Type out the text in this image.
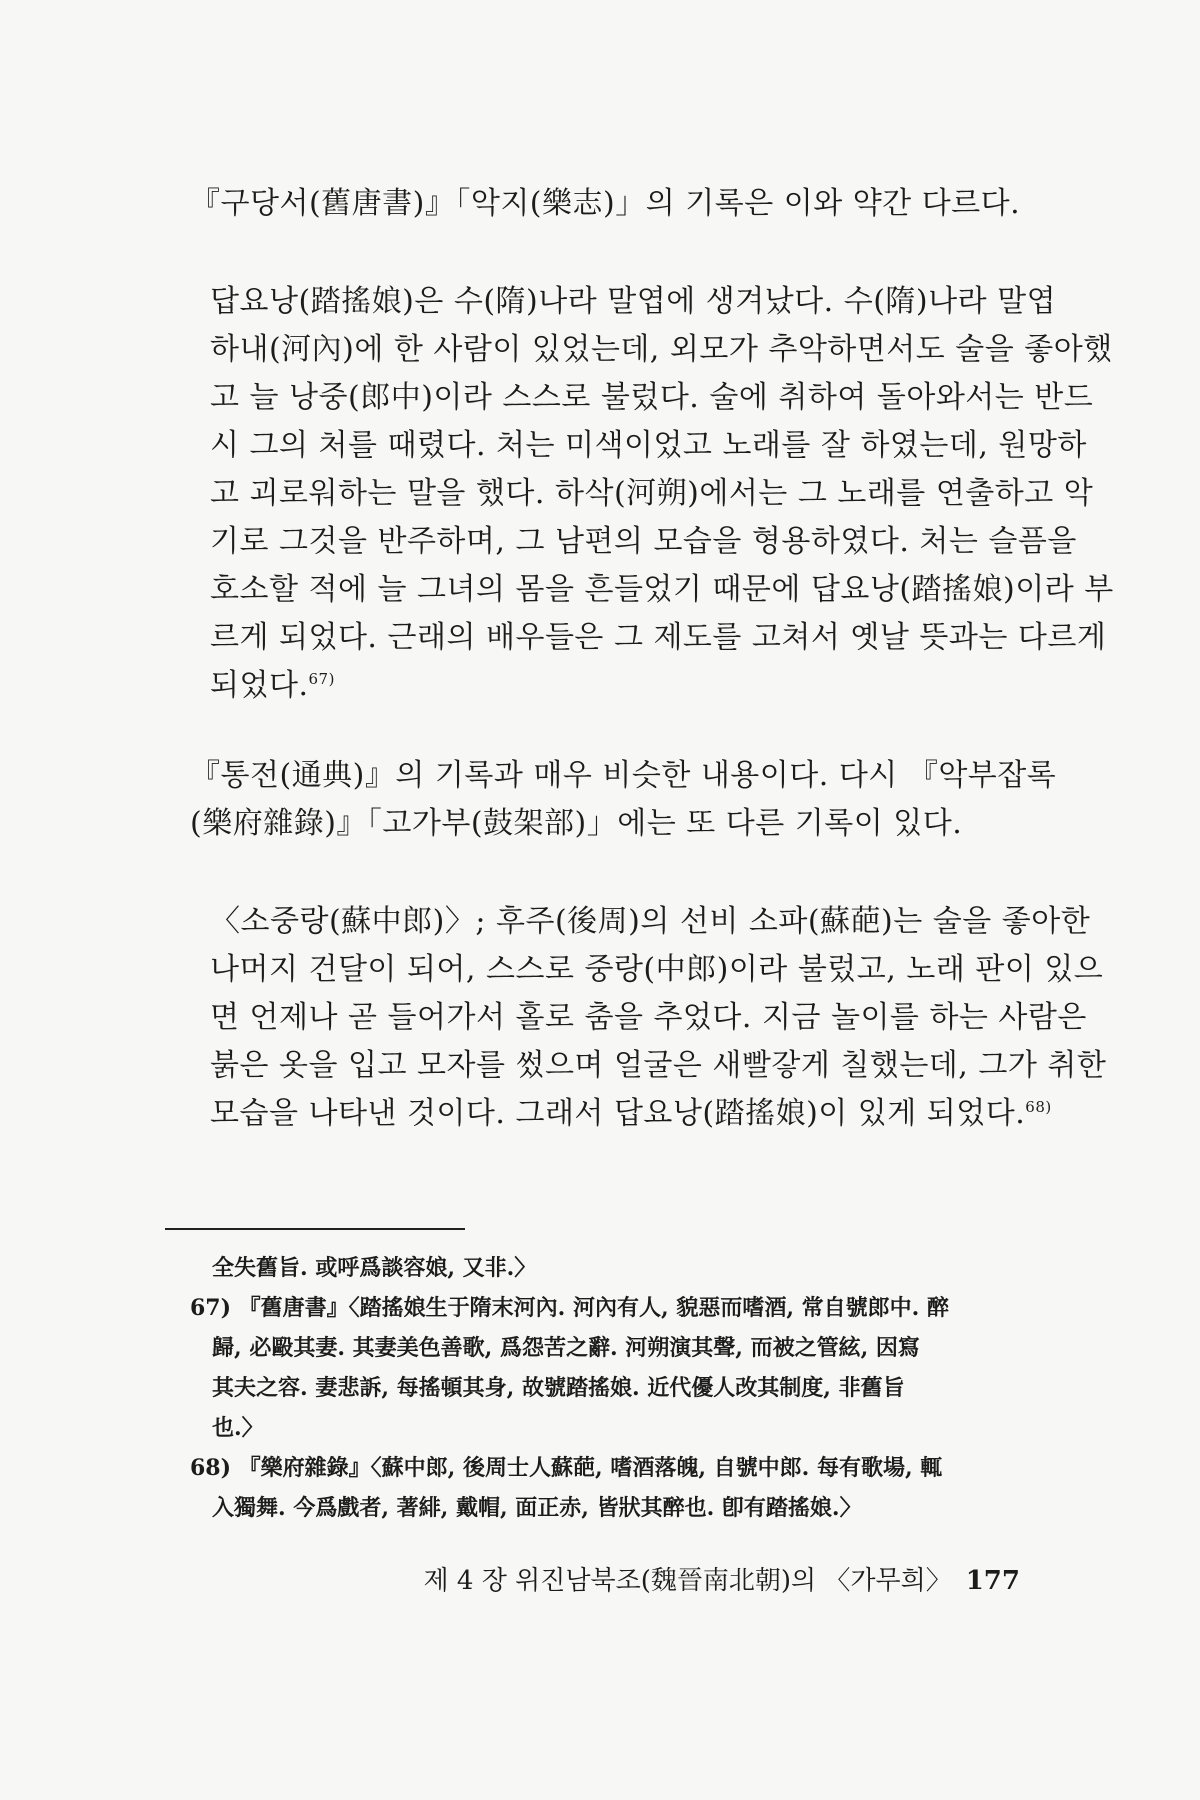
『구당서(舊唐書)』「악지(樂志)」의 기록은 이와 약간 다르다.
답요낭(踏搖娘)은 수(隋)나라 말엽에 생겨났다. 수(隋)나라 말엽
하내(河內)에 한 사람이 있었는데, 외모가 추악하면서도 술을 좋아했
고 늘 낭중(郎中)이라 스스로 불렀다. 술에 취하여 돌아와서는 반드
시 그의 처를 때렸다. 처는 미색이었고 노래를 잘 하였는데, 원망하
고 괴로워하는 말을 했다. 하삭(河朔)에서는 그 노래를 연출하고 악
기로 그것을 반주하며, 그 남편의 모습을 형용하였다. 처는 슬픔을
호소할 적에 늘 그녀의 몸을 흔들었기 때문에 답요낭(踏搖娘)이라 부
르게 되었다. 근래의 배우들은 그 제도를 고쳐서 옛날 뜻과는 다르게
되었다.$^{67)}$
『통전(通典)』의 기록과 매우 비슷한 내용이다. 다시 『악부잡록
(樂府雜錄)』「고가부(鼓架部)」에는 또 다른 기록이 있다.
〈소중랑(蘇中郎)〉; 후주(後周)의 선비 소파(蘇葩)는 술을 좋아한
나머지 건달이 되어, 스스로 중랑(中郎)이라 불렀고, 노래 판이 있으
면 언제나 곧 들어가서 홀로 춤을 추었다. 지금 놀이를 하는 사람은
붉은 옷을 입고 모자를 썼으며 얼굴은 새빨갛게 칠했는데, 그가 취한
모습을 나타낸 것이다. 그래서 답요낭(踏搖娘)이 있게 되었다.$^{68)}$
全失舊旨. 或呼爲談容娘, 又非.〉
67) 『舊唐書』〈踏搖娘生于隋末河內. 河內有人, 貌惡而嗜酒, 常自號郎中. 醉
歸, 必毆其妻. 其妻美色善歌, 爲怨苦之辭. 河朔演其聲, 而被之管絃, 因寫
其夫之容. 妻悲訴, 每搖頓其身, 故號踏搖娘. 近代優人改其制度, 非舊旨
也.〉
68) 『樂府雜錄』〈蘇中郎, 後周士人蘇葩, 嗜酒落魄, 自號中郎. 每有歌場, 輒
入獨舞. 今爲戲者, 著緋, 戴帽, 面正赤, 皆狀其醉也. 卽有踏搖娘.〉
제 4 장 위진남북조(魏晉南北朝)의 〈가무희〉 177
